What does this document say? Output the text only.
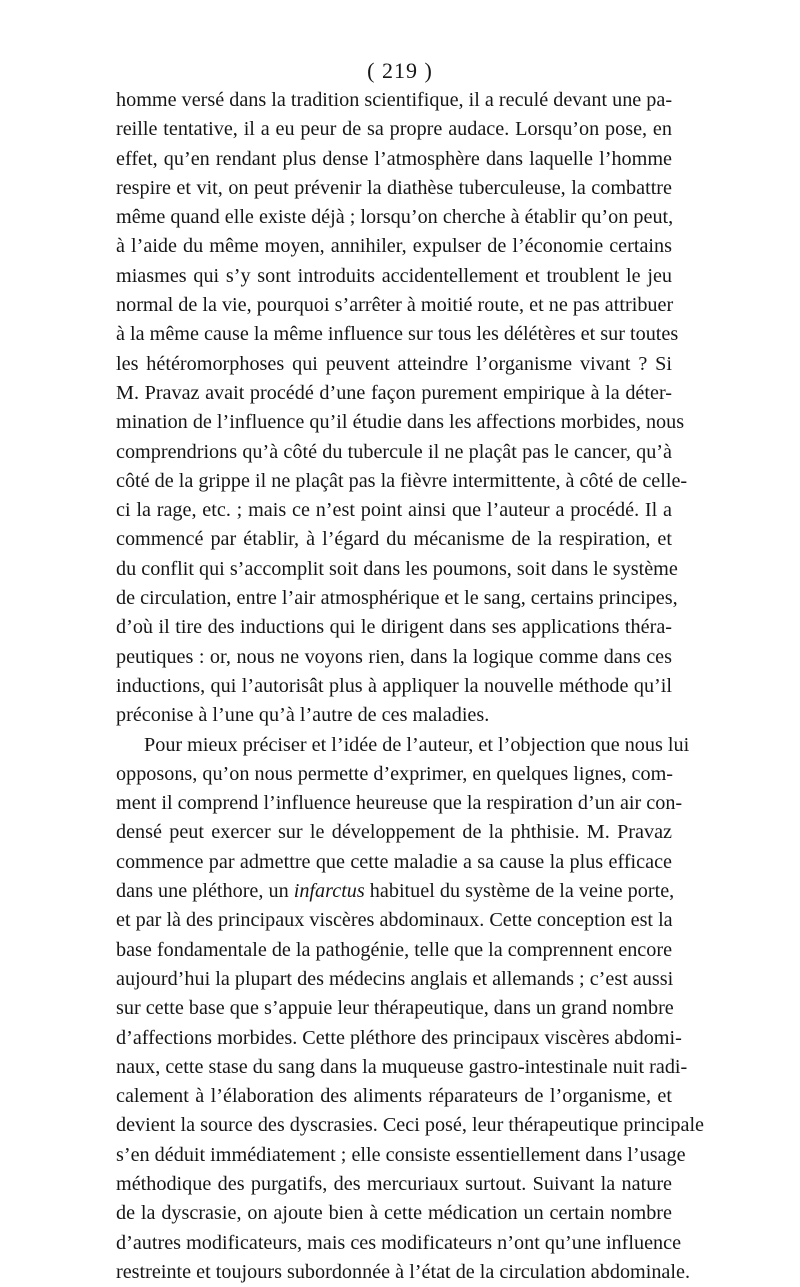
( 219 )
homme versé dans la tradition scientifique, il a reculé devant une pa-
reille tentative, il a eu peur de sa propre audace. Lorsqu’on pose, en
effet, qu’en rendant plus dense l’atmosphère dans laquelle l’homme
respire et vit, on peut prévenir la diathèse tuberculeuse, la combattre
même quand elle existe déjà ; lorsqu’on cherche à établir qu’on peut,
à l’aide du même moyen, annihiler, expulser de l’économie certains
miasmes qui s’y sont introduits accidentellement et troublent le jeu
normal de la vie, pourquoi s’arrêter à moitié route, et ne pas attribuer
à la même cause la même influence sur tous les délétères et sur toutes
les hétéromorphoses qui peuvent atteindre l’organisme vivant ? Si
M. Pravaz avait procédé d’une façon purement empirique à la déter-
mination de l’influence qu’il étudie dans les affections morbides, nous
comprendrions qu’à côté du tubercule il ne plaçât pas le cancer, qu’à
côté de la grippe il ne plaçât pas la fièvre intermittente, à côté de celle-
ci la rage, etc. ; mais ce n’est point ainsi que l’auteur a procédé. Il a
commencé par établir, à l’égard du mécanisme de la respiration, et
du conflit qui s’accomplit soit dans les poumons, soit dans le système
de circulation, entre l’air atmosphérique et le sang, certains principes,
d’où il tire des inductions qui le dirigent dans ses applications théra-
peutiques : or, nous ne voyons rien, dans la logique comme dans ces
inductions, qui l’autorisât plus à appliquer la nouvelle méthode qu’il
préconise à l’une qu’à l’autre de ces maladies.
Pour mieux préciser et l’idée de l’auteur, et l’objection que nous lui
opposons, qu’on nous permette d’exprimer, en quelques lignes, com-
ment il comprend l’influence heureuse que la respiration d’un air con-
densé peut exercer sur le développement de la phthisie. M. Pravaz
commence par admettre que cette maladie a sa cause la plus efficace
dans une pléthore, un infarctus habituel du système de la veine porte,
et par là des principaux viscères abdominaux. Cette conception est la
base fondamentale de la pathogénie, telle que la comprennent encore
aujourd’hui la plupart des médecins anglais et allemands ; c’est aussi
sur cette base que s’appuie leur thérapeutique, dans un grand nombre
d’affections morbides. Cette pléthore des principaux viscères abdomi-
naux, cette stase du sang dans la muqueuse gastro-intestinale nuit radi-
calement à l’élaboration des aliments réparateurs de l’organisme, et
devient la source des dyscrasies. Ceci posé, leur thérapeutique principale
s’en déduit immédiatement ; elle consiste essentiellement dans l’usage
méthodique des purgatifs, des mercuriaux surtout. Suivant la nature
de la dyscrasie, on ajoute bien à cette médication un certain nombre
d’autres modificateurs, mais ces modificateurs n’ont qu’une influence
restreinte et toujours subordonnée à l’état de la circulation abdominale.
